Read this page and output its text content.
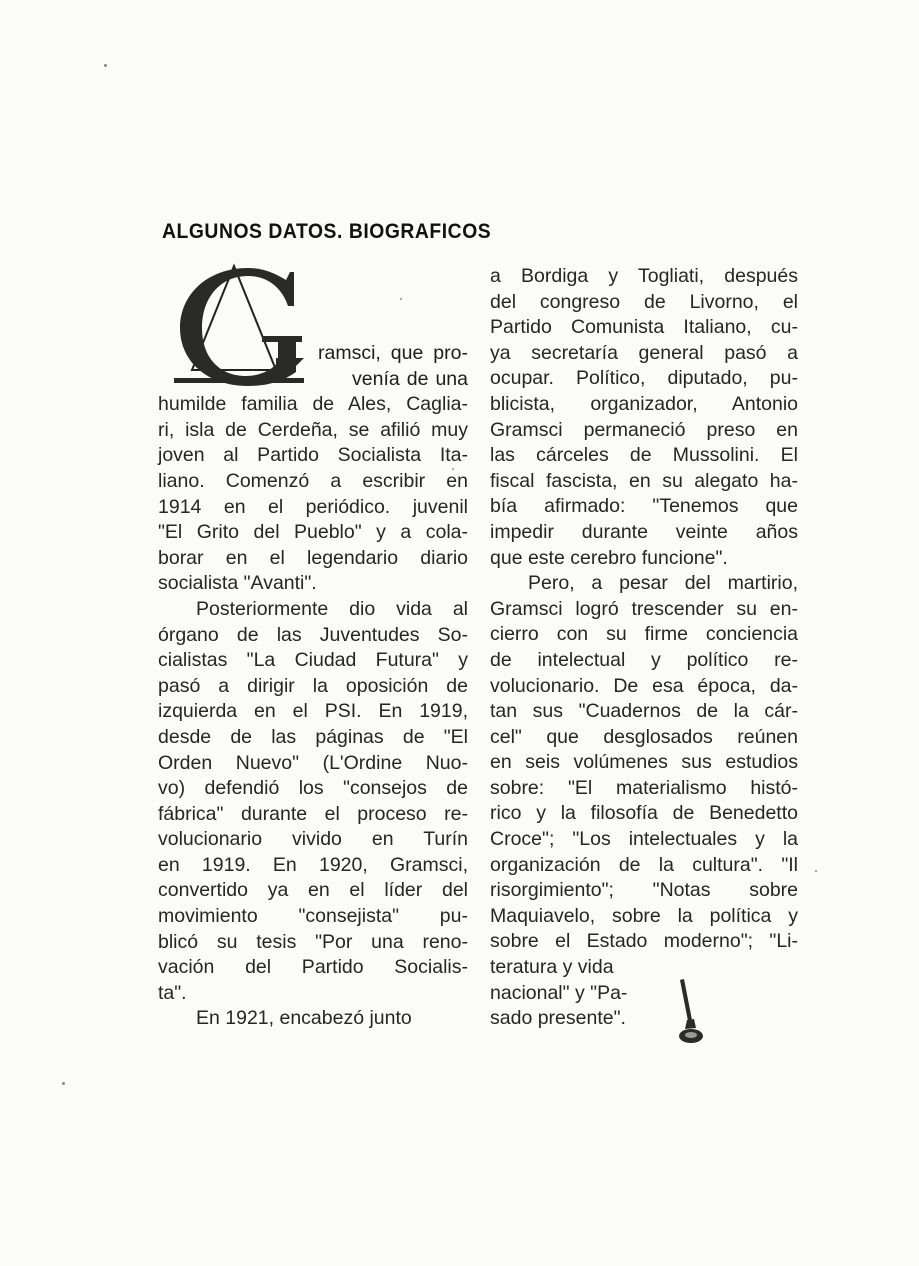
ALGUNOS DATOS. BIOGRAFICOS
ramsci, que pro-
venía de una
humilde familia de Ales, Caglia-
ri, isla de Cerdeña, se afilió muy
joven al Partido Socialista Ita-
liano. Comenzó a escribir en
1914 en el periódico. juvenil
"El Grito del Pueblo" y a cola-
borar en el legendario diario
socialista "Avanti".
Posteriormente dio vida al
órgano de las Juventudes So-
cialistas "La Ciudad Futura" y
pasó a dirigir la oposición de
izquierda en el PSI. En 1919,
desde de las páginas de "El
Orden Nuevo" (L'Ordine Nuo-
vo) defendió los "consejos de
fábrica" durante el proceso re-
volucionario vivido en Turín
en 1919. En 1920, Gramsci,
convertido ya en el líder del
movimiento "consejista" pu-
blicó su tesis "Por una reno-
vación del Partido Socialis-
ta".
En 1921, encabezó junto
a Bordiga y Togliati, después
del congreso de Livorno, el
Partido Comunista Italiano, cu-
ya secretaría general pasó a
ocupar. Político, diputado, pu-
blicista, organizador, Antonio
Gramsci permaneció preso en
las cárceles de Mussolini. El
fiscal fascista, en su alegato ha-
bía afirmado: "Tenemos que
impedir durante veinte años
que este cerebro funcione".
Pero, a pesar del martirio,
Gramsci logró trescender su en-
cierro con su firme conciencia
de intelectual y político re-
volucionario. De esa época, da-
tan sus "Cuadernos de la cár-
cel" que desglosados reúnen
en seis volúmenes sus estudios
sobre: "El materialismo histó-
rico y la filosofía de Benedetto
Croce"; "Los intelectuales y la
organización de la cultura". "Il
risorgimiento"; "Notas sobre
Maquiavelo, sobre la política y
sobre el Estado moderno"; "Li-
teratura y vida
nacional" y "Pa-
sado presente".
